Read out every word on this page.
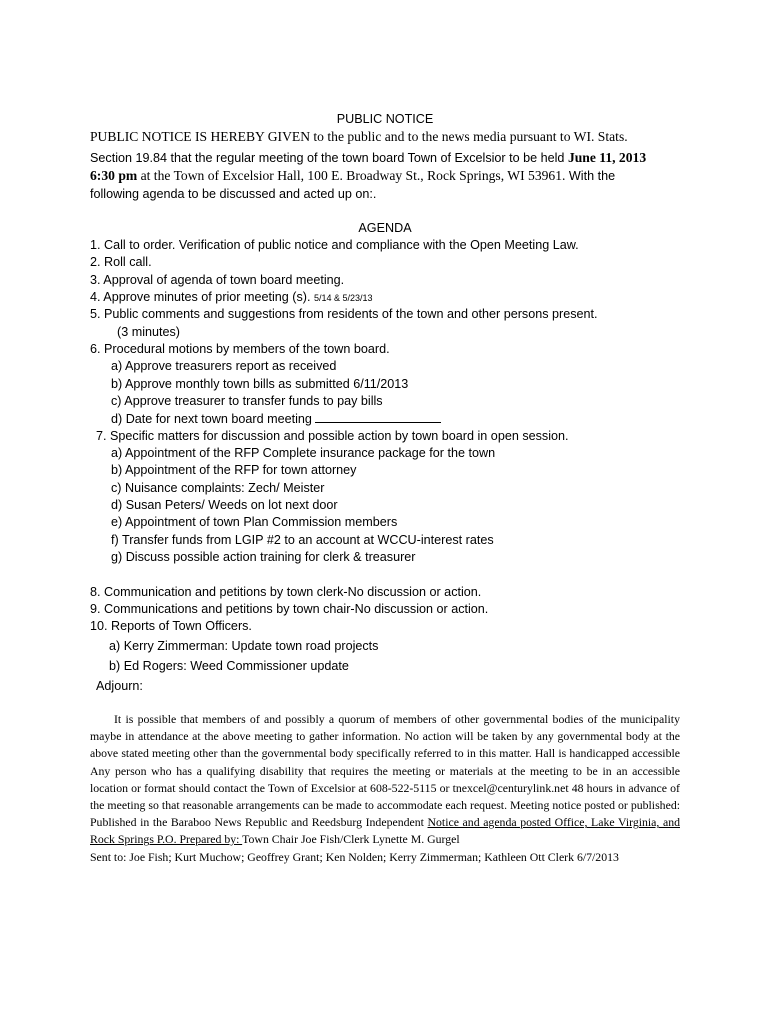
PUBLIC NOTICE
PUBLIC NOTICE IS HEREBY GIVEN to the public and to the news media pursuant to WI. Stats.
Section 19.84 that the regular meeting of the town board Town of Excelsior to be held June 11, 2013
6:30 pm at the Town of Excelsior Hall, 100 E. Broadway St., Rock Springs, WI 53961. With the
following agenda to be discussed and acted up on:.
AGENDA
1. Call to order. Verification of public notice and compliance with the Open Meeting Law.
2. Roll call.
3. Approval of agenda of town board meeting.
4. Approve minutes of prior meeting (s). 5/14 & 5/23/13
5. Public comments and suggestions from residents of the town and other persons present.
(3 minutes)
6. Procedural motions by members of the town board.
a) Approve treasurers report as received
b) Approve monthly town bills as submitted 6/11/2013
c) Approve treasurer to transfer funds to pay bills
d) Date for next town board meeting
7. Specific matters for discussion and possible action by town board in open session.
a) Appointment of the RFP Complete insurance package for the town
b) Appointment of the RFP for town attorney
c) Nuisance complaints: Zech/ Meister
d) Susan Peters/ Weeds on lot next door
e) Appointment of town Plan Commission members
f) Transfer funds from LGIP #2 to an account at WCCU-interest rates
g) Discuss possible action training for clerk & treasurer
8. Communication and petitions by town clerk-No discussion or action.
9. Communications and petitions by town chair-No discussion or action.
10. Reports of Town Officers.
a) Kerry Zimmerman: Update town road projects
b) Ed Rogers: Weed Commissioner update
Adjourn:

It is possible that members of and possibly a quorum of members of other governmental bodies of the municipality maybe in attendance at the above meeting to gather information. No action will be taken by any governmental body at the above stated meeting other than the governmental body specifically referred to in this matter. Hall is handicapped accessible Any person who has a qualifying disability that requires the meeting or materials at the meeting to be in an accessible location or format should contact the Town of Excelsior at 608-522-5115 or tnexcel@centurylink.net 48 hours in advance of the meeting so that reasonable arrangements can be made to accommodate each request. Meeting notice posted or published: Published in the Baraboo News Republic and Reedsburg Independent Notice and agenda posted Office, Lake Virginia, and Rock Springs P.O. Prepared by: Town Chair Joe Fish/Clerk Lynette M. Gurgel

Sent to: Joe Fish; Kurt Muchow; Geoffrey Grant; Ken Nolden; Kerry Zimmerman; Kathleen Ott Clerk 6/7/2013
